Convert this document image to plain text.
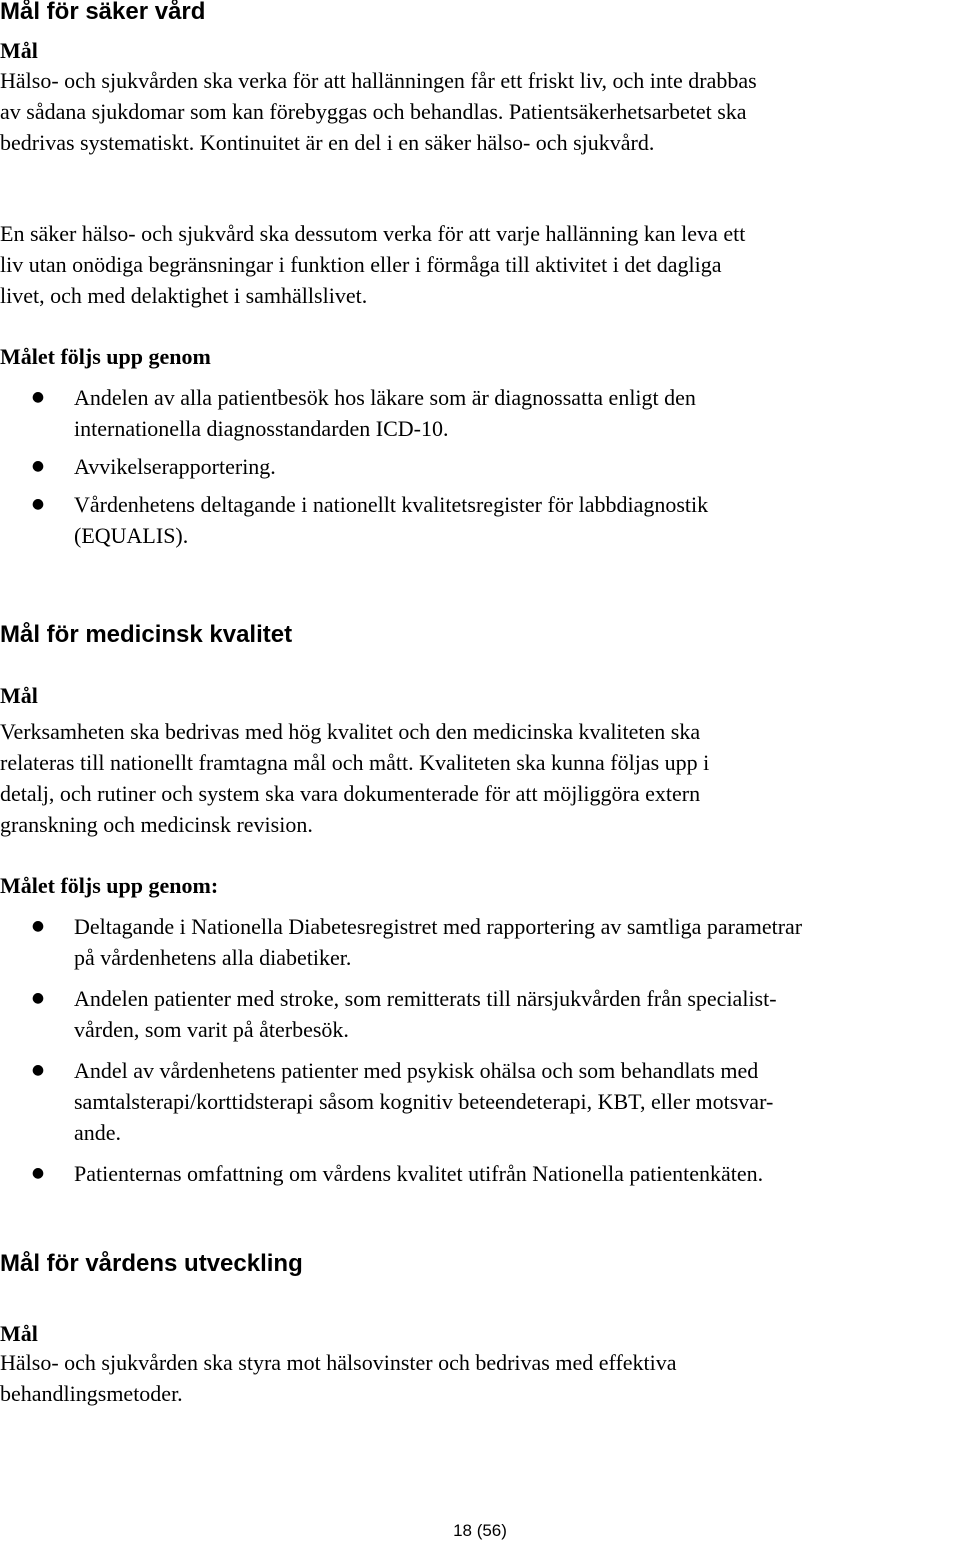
Mål för säker vård
Mål

Hälso- och sjukvården ska verka för att hallänningen får ett friskt liv, och inte drabbas
av sådana sjukdomar som kan förebyggas och behandlas. Patientsäkerhetsarbetet ska
bedrivas systematiskt. Kontinuitet är en del i en säker hälso- och sjukvård.

En säker hälso- och sjukvård ska dessutom verka för att varje hallänning kan leva ett
liv utan onödiga begränsningar i funktion eller i förmåga till aktivitet i det dagliga
livet, och med delaktighet i samhällslivet.

Målet följs upp genom
● Andelen av alla patientbesök hos läkare som är diagnossatta enligt den
internationella diagnosstandarden ICD-10.
● Avvikelserapportering.
● Vårdenhetens deltagande i nationellt kvalitetsregister för labbdiagnostik
(EQUALIS).
Mål för medicinsk kvalitet
Mål

Verksamheten ska bedrivas med hög kvalitet och den medicinska kvaliteten ska
relateras till nationellt framtagna mål och mått. Kvaliteten ska kunna följas upp i
detalj, och rutiner och system ska vara dokumenterade för att möjliggöra extern
granskning och medicinsk revision.

Målet följs upp genom:
● Deltagande i Nationella Diabetesregistret med rapportering av samtliga parametrar
på vårdenhetens alla diabetiker.
● Andelen patienter med stroke, som remitterats till närsjukvården från specialist-
vården, som varit på återbesök.
● Andel av vårdenhetens patienter med psykisk ohälsa och som behandlats med
samtalsterapi/korttidsterapi såsom kognitiv beteendeterapi, KBT, eller motsvar-
ande.
● Patienternas omfattning om vårdens kvalitet utifrån Nationella patientenkäten.
Mål för vårdens utveckling
Mål

Hälso- och sjukvården ska styra mot hälsovinster och bedrivas med effektiva
behandlingsmetoder.

18 (56)
